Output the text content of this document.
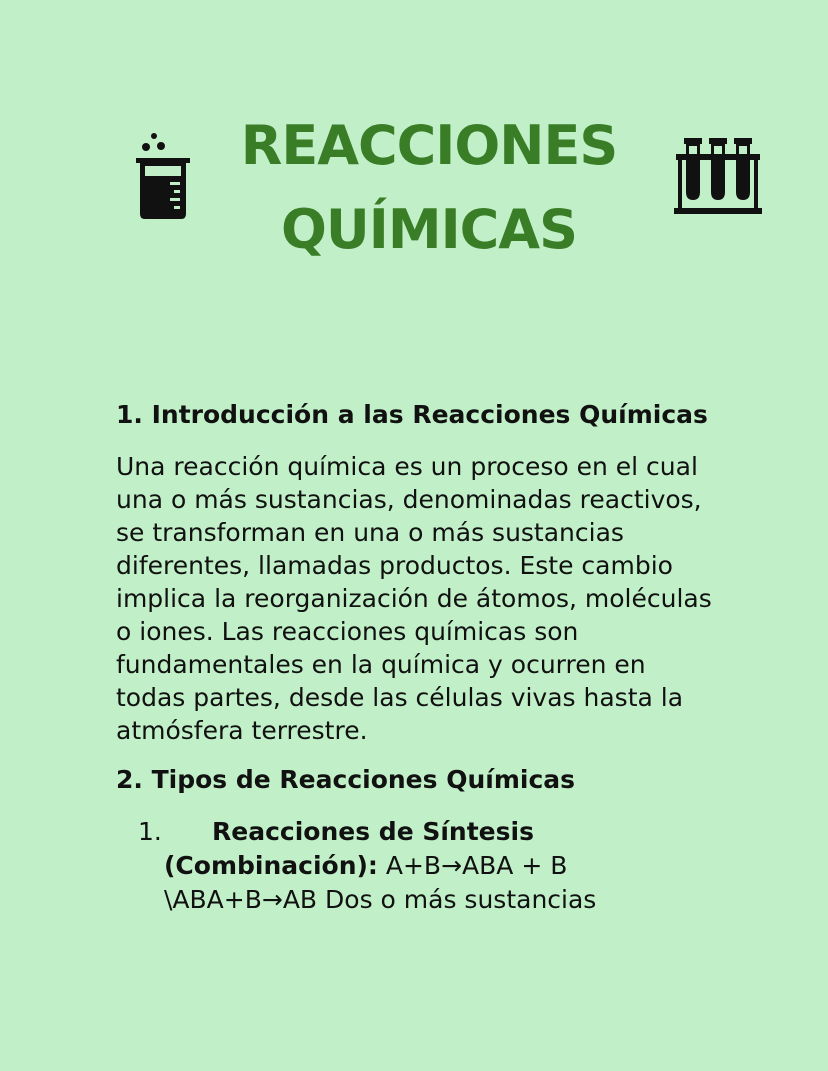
REACCIONES
QUÍMICAS
1. Introducción a las Reacciones Químicas

Una reacción química es un proceso en el cual una o más sustancias, denominadas reactivos, se transforman en una o más sustancias diferentes, llamadas productos. Este cambio implica la reorganización de átomos, moléculas o iones. Las reacciones químicas son fundamentales en la química y ocurren en todas partes, desde las células vivas hasta la atmósfera terrestre.

2. Tipos de Reacciones Químicas
1.	Reacciones de Síntesis
(Combinación): A+B→ABA + B \ABA+B→AB Dos o más sustancias
